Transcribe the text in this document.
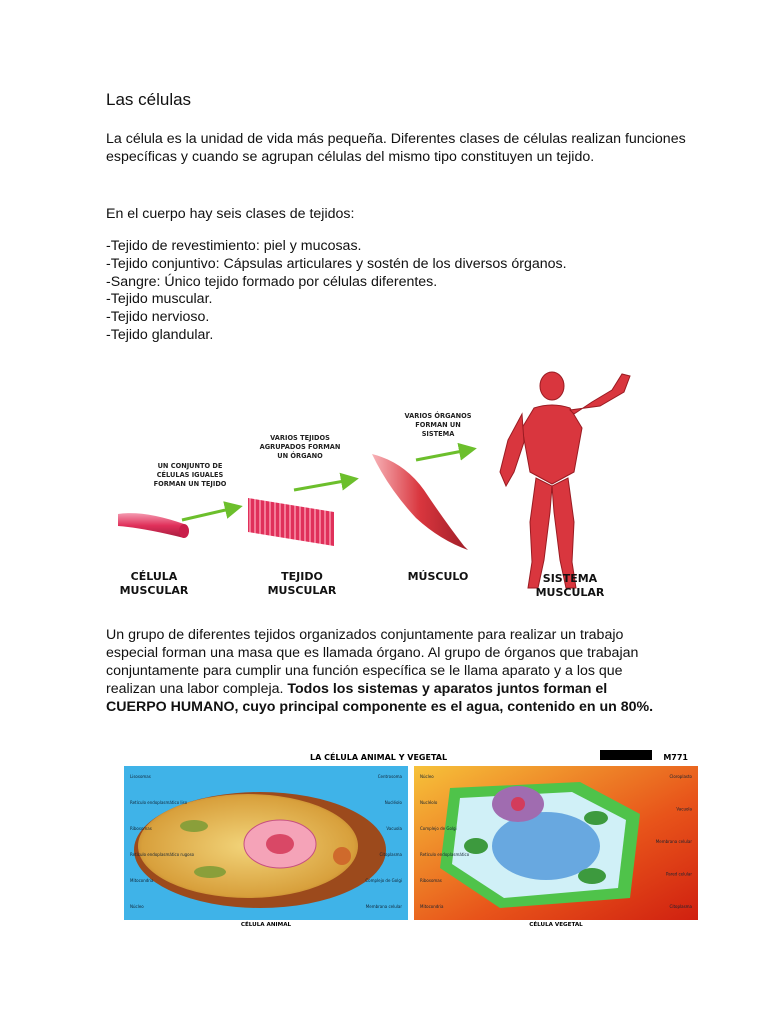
Las células
La célula es la unidad de vida más pequeña. Diferentes clases de células realizan funciones específicas y cuando se agrupan células del mismo tipo constituyen un tejido.
En el cuerpo hay seis clases de tejidos:
-Tejido de revestimiento: piel y mucosas.
-Tejido conjuntivo: Cápsulas articulares y sostén de los diversos órganos.
-Sangre: Único tejido formado por células diferentes.
-Tejido muscular.
-Tejido nervioso.
-Tejido glandular.
UN CONJUNTO DE
CÉLULAS IGUALES
FORMAN UN TEJIDO
VARIOS TEJIDOS
AGRUPADOS FORMAN
UN ÓRGANO
VARIOS ÓRGANOS
FORMAN UN
SISTEMA
CÉLULA
MUSCULAR
TEJIDO
MUSCULAR
MÚSCULO	SISTEMA
MUSCULAR
Un grupo de diferentes tejidos organizados conjuntamente para realizar un trabajo especial forman una masa que es llamada órgano. Al grupo de órganos que trabajan conjuntamente para cumplir una función específica se le llama aparato y a los que realizan una labor compleja. Todos los sistemas y aparatos juntos forman el CUERPO HUMANO, cuyo principal componente es el agua, contenido en un 80%.
LA CÉLULA ANIMAL Y VEGETAL	M771
CÉLULA ANIMAL
Lisosomas
Retículo endoplasmático liso
Ribosomas
Retículo endoplasmático rugoso
Mitocondria
Núcleo
Centrosoma
Nucléolo
Vacuola
Citoplasma
Complejo de Golgi
Membrana celular
CÉLULA VEGETAL
Núcleo
Nucléolo
Complejo de Golgi
Retículo endoplasmático
Ribosomas
Mitocondria
Cloroplasto
Vacuola
Membrana celular
Pared celular
Citoplasma
